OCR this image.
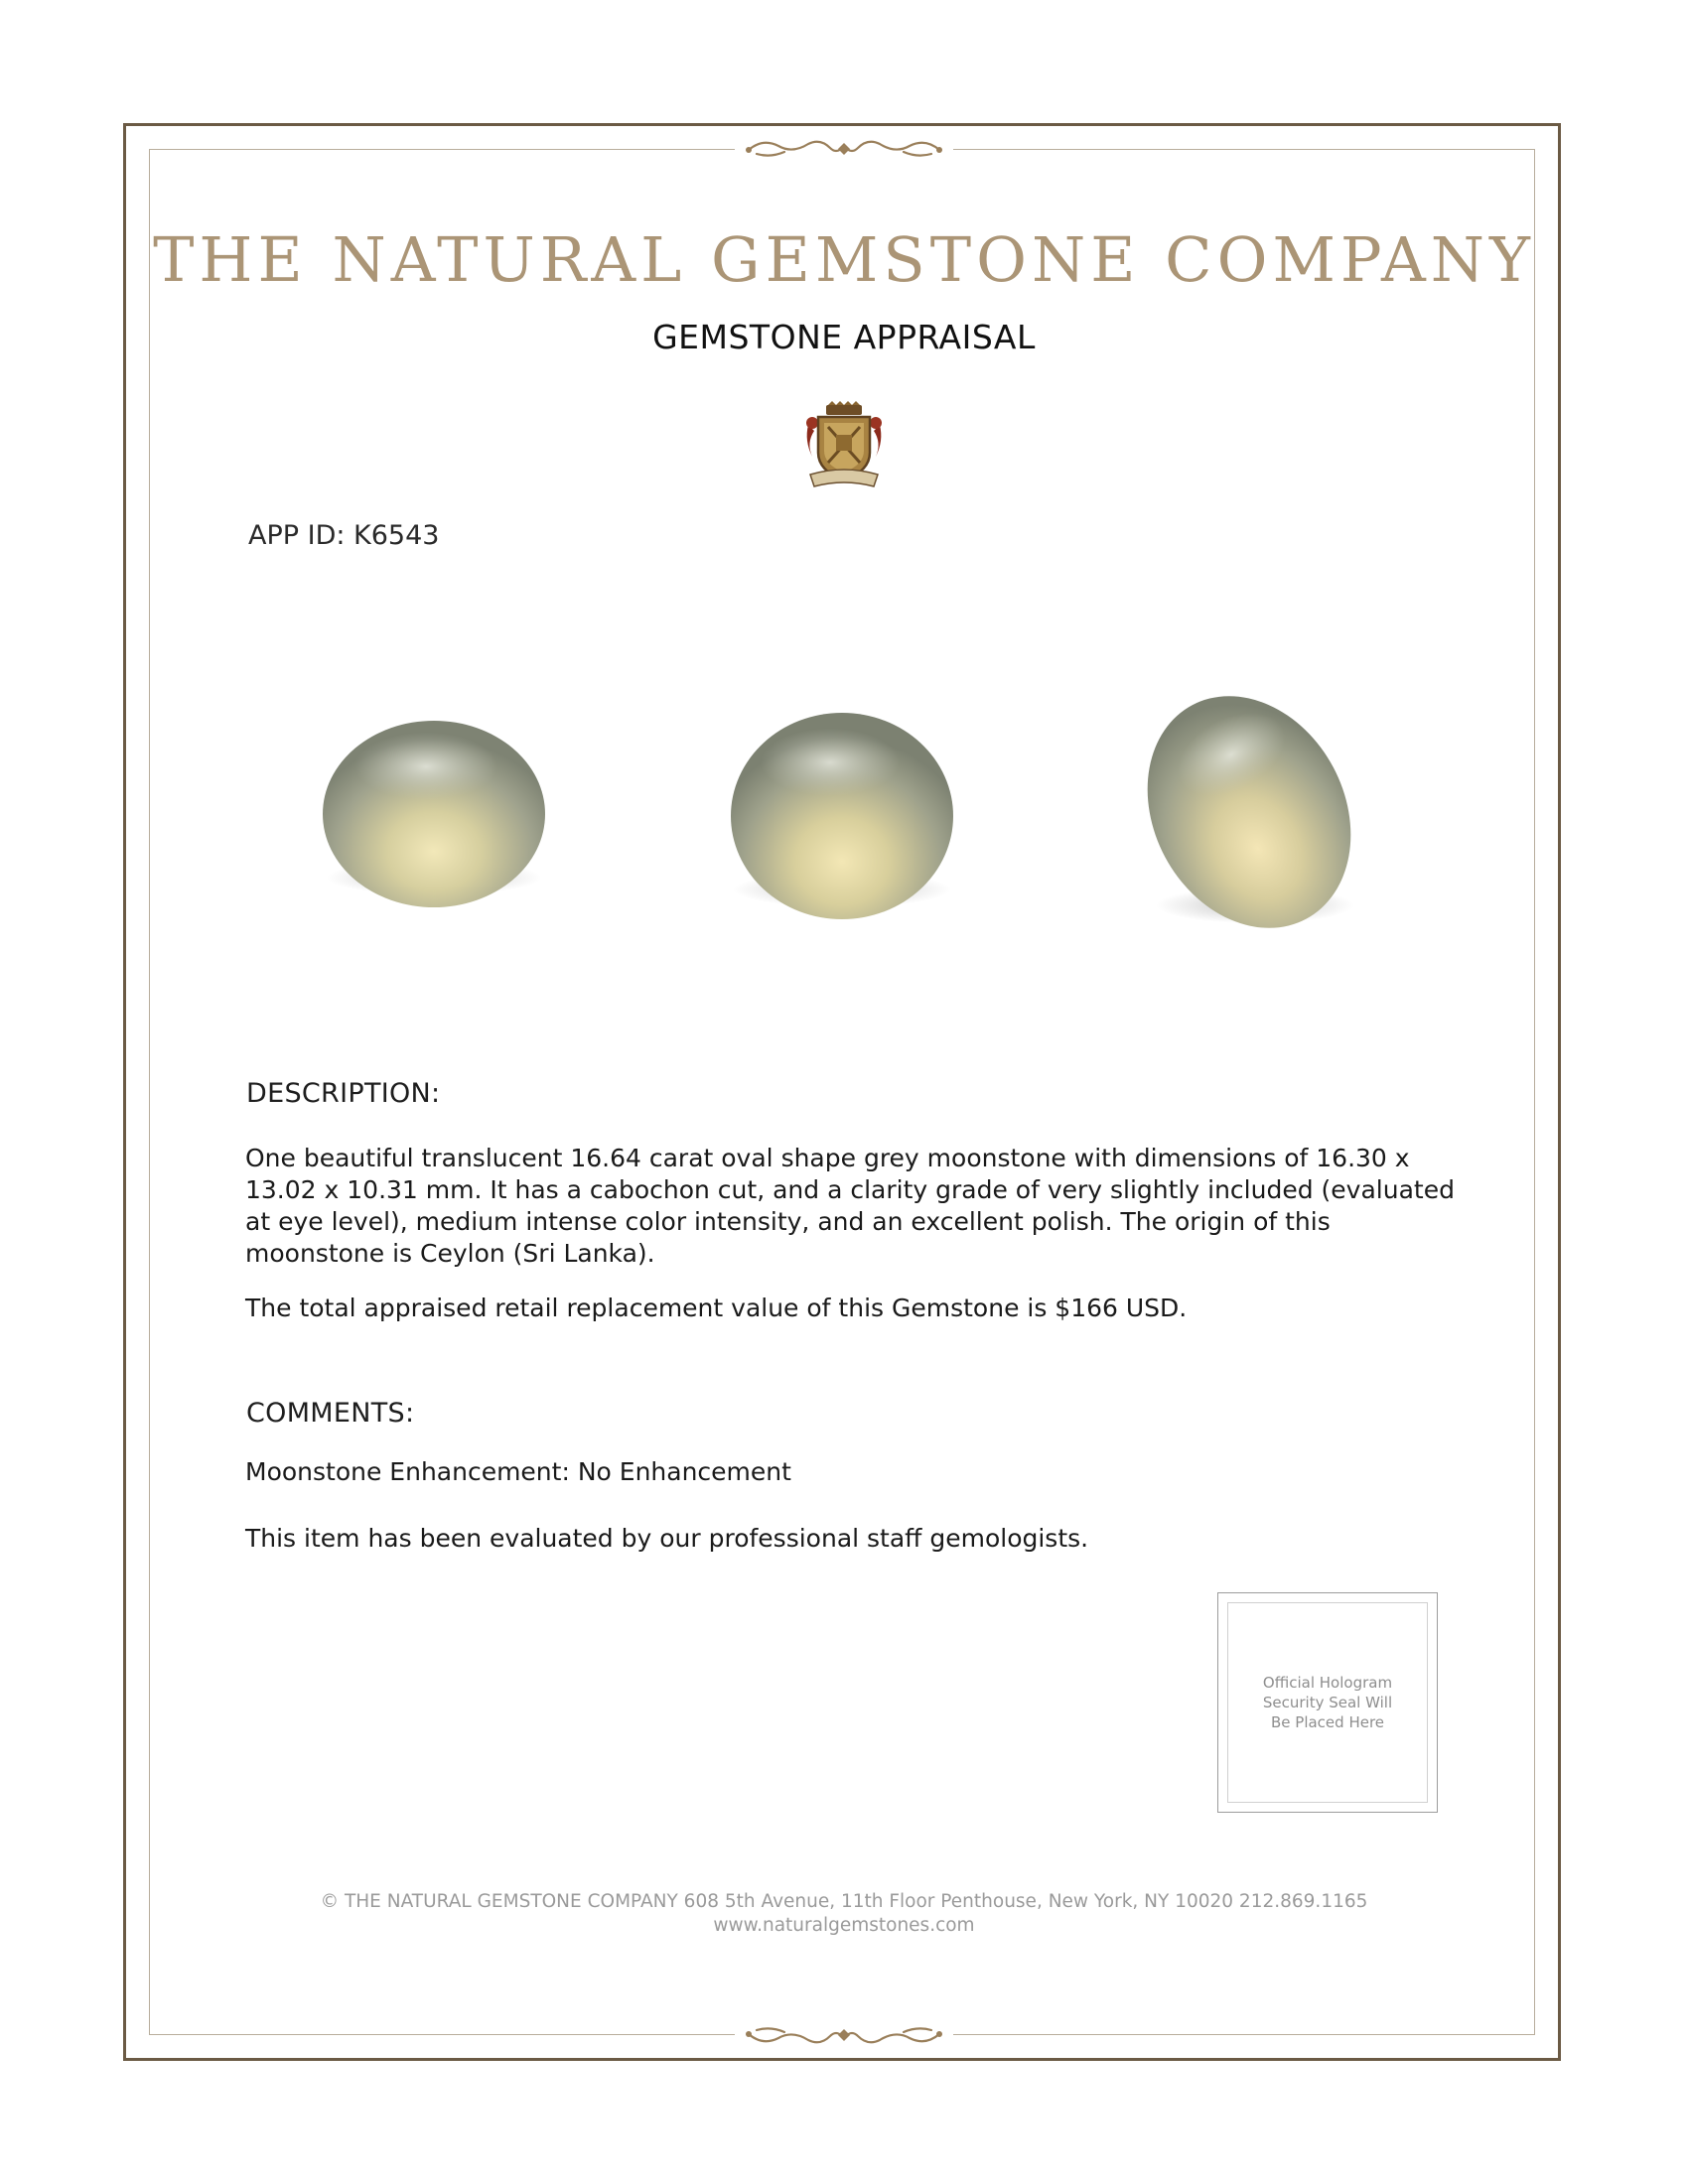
THE NATURAL GEMSTONE COMPANY
GEMSTONE APPRAISAL
APP ID: K6543
DESCRIPTION:

One beautiful translucent 16.64 carat oval shape grey moonstone with dimensions of 16.30 x 13.02 x 10.31 mm. It has a cabochon cut, and a clarity grade of very slightly included (evaluated at eye level), medium intense color intensity, and an excellent polish. The origin of this moonstone is Ceylon (Sri Lanka).

The total appraised retail replacement value of this Gemstone is $166 USD.

COMMENTS:

Moonstone Enhancement: No Enhancement

This item has been evaluated by our professional staff gemologists.

Official Hologram Security Seal Will Be Placed Here
© THE NATURAL GEMSTONE COMPANY 608 5th Avenue, 11th Floor Penthouse, New York, NY 10020 212.869.1165
www.naturalgemstones.com
